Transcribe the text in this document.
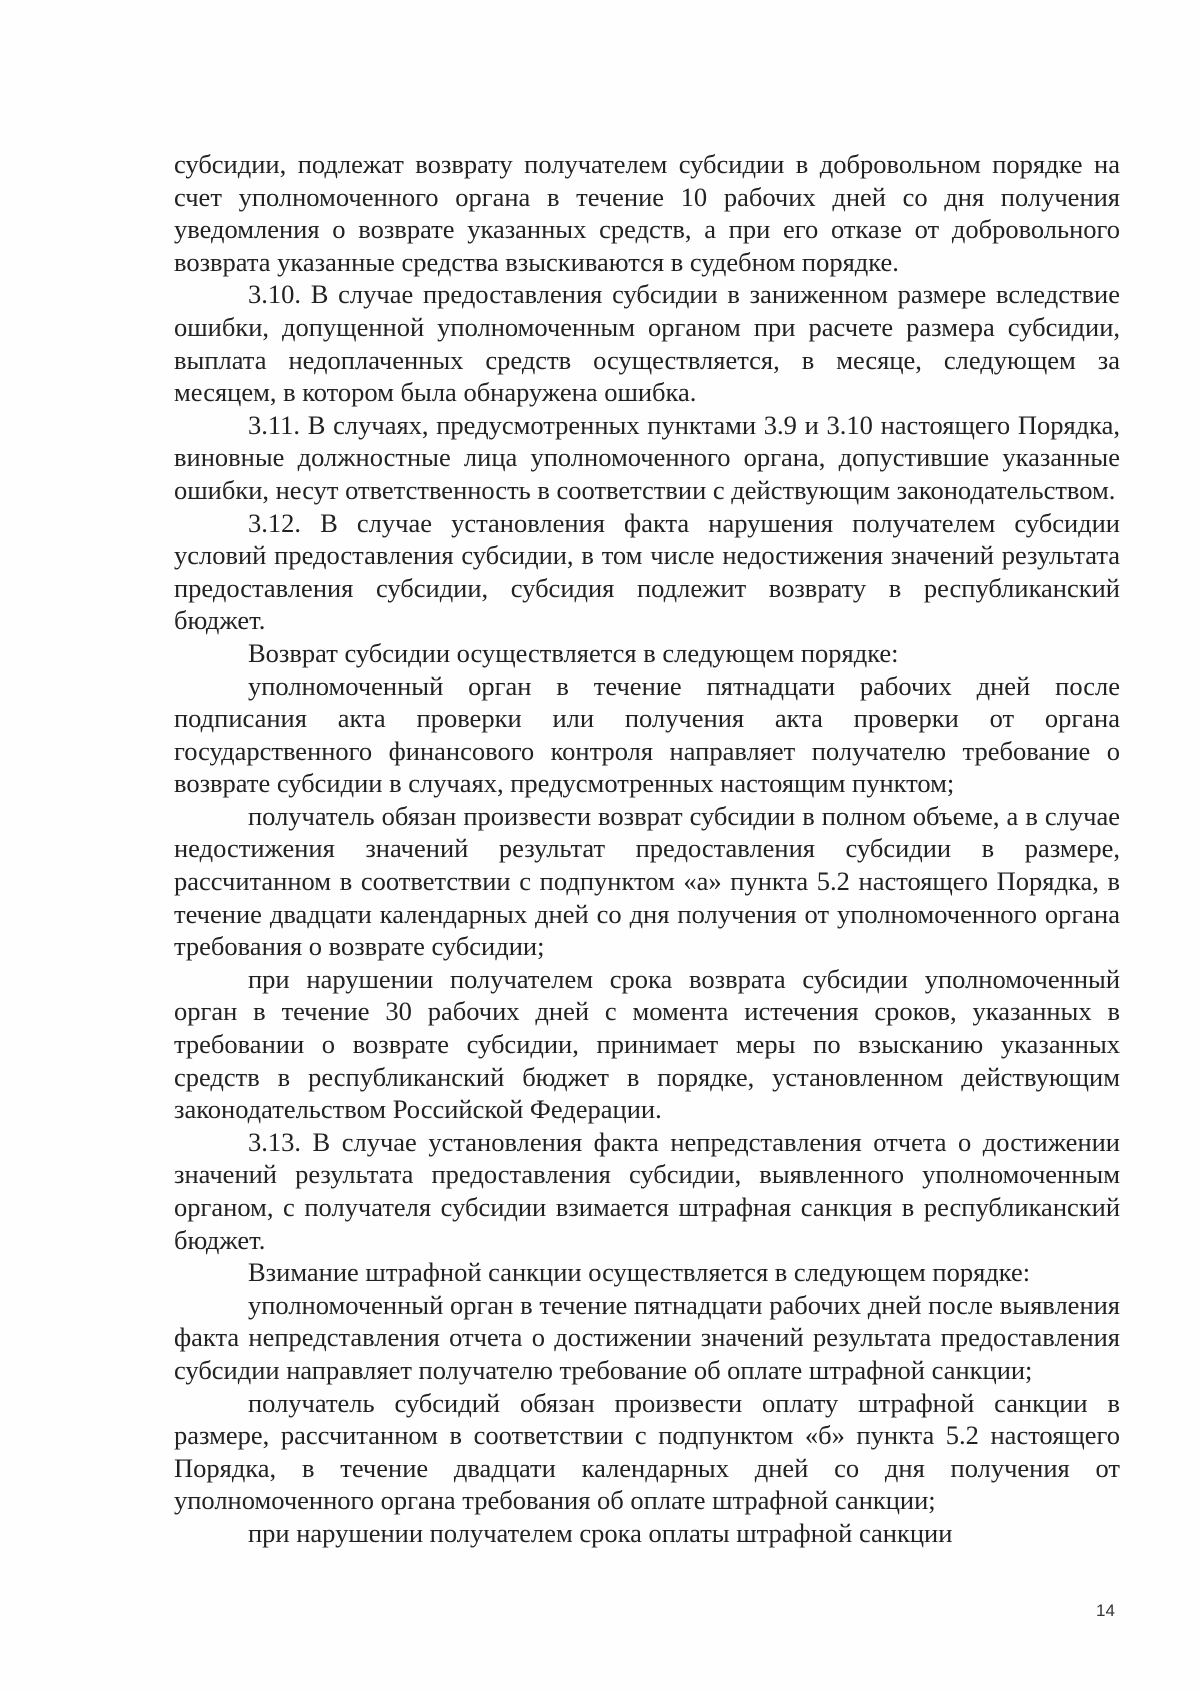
субсидии, подлежат возврату получателем субсидии в добровольном порядке на счет уполномоченного органа в течение 10 рабочих дней со дня получения уведомления о возврате указанных средств, а при его отказе от добровольного возврата указанные средства взыскиваются в судебном порядке.

3.10. В случае предоставления субсидии в заниженном размере вследствие ошибки, допущенной уполномоченным органом при расчете размера субсидии, выплата недоплаченных средств осуществляется, в месяце, следующем за месяцем, в котором была обнаружена ошибка.

3.11. В случаях, предусмотренных пунктами 3.9 и 3.10 настоящего Порядка, виновные должностные лица уполномоченного органа, допустившие указанные ошибки, несут ответственность в соответствии с действующим законодательством.

3.12. В случае установления факта нарушения получателем субсидии условий предоставления субсидии, в том числе недостижения значений результата предоставления субсидии, субсидия подлежит возврату в республиканский бюджет.

Возврат субсидии осуществляется в следующем порядке:

уполномоченный орган в течение пятнадцати рабочих дней после подписания акта проверки или получения акта проверки от органа государственного финансового контроля направляет получателю требование о возврате субсидии в случаях, предусмотренных настоящим пунктом;

получатель обязан произвести возврат субсидии в полном объеме, а в случае недостижения значений результат предоставления субсидии в размере, рассчитанном в соответствии с подпунктом «а» пункта 5.2 настоящего Порядка, в течение двадцати календарных дней со дня получения от уполномоченного органа требования о возврате субсидии;

при нарушении получателем срока возврата субсидии уполномоченный орган в течение 30 рабочих дней с момента истечения сроков, указанных в требовании о возврате субсидии, принимает меры по взысканию указанных средств в республиканский бюджет в порядке, установленном действующим законодательством Российской Федерации.

3.13. В случае установления факта непредставления отчета о достижении значений результата предоставления субсидии, выявленного уполномоченным органом, с получателя субсидии взимается штрафная санкция в республиканский бюджет.

Взимание штрафной санкции осуществляется в следующем порядке:

уполномоченный орган в течение пятнадцати рабочих дней после выявления факта непредставления отчета о достижении значений результата предоставления субсидии направляет получателю требование об оплате штрафной санкции;

получатель субсидий обязан произвести оплату штрафной санкции в размере, рассчитанном в соответствии с подпунктом «б» пункта 5.2 настоящего Порядка, в течение двадцати календарных дней со дня получения от уполномоченного органа требования об оплате штрафной санкции;

при нарушении получателем срока оплаты штрафной санкции

14
